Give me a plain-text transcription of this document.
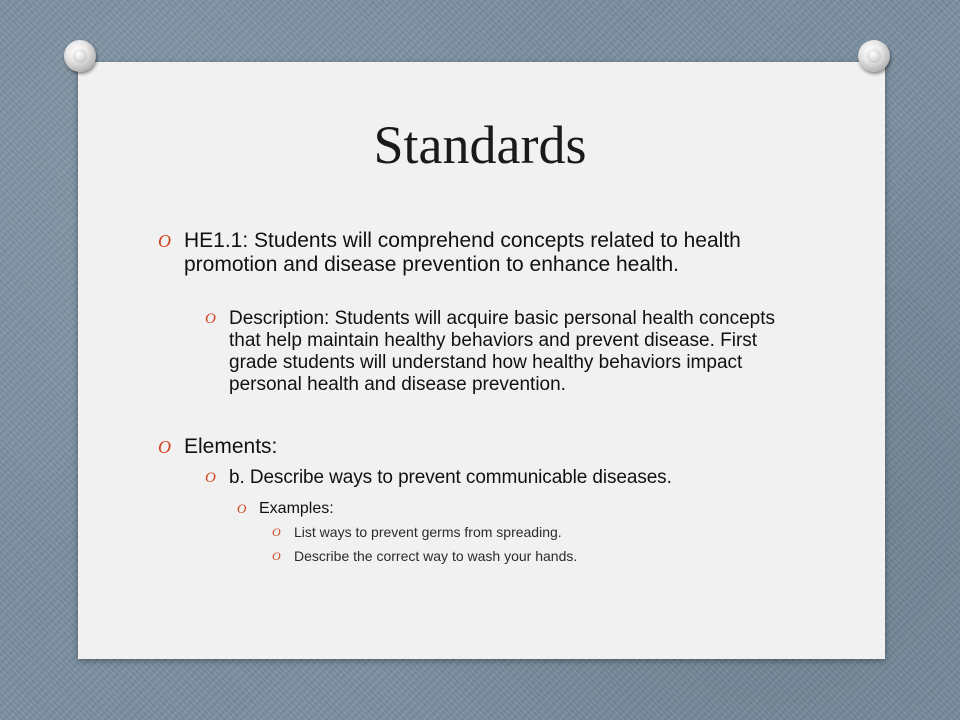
Standards
O HE1.1: Students will comprehend concepts related to health promotion and disease prevention to enhance health.
O Description: Students will acquire basic personal health concepts that help maintain healthy behaviors and prevent disease. First grade students will understand how healthy behaviors impact personal health and disease prevention.
O Elements:
O b. Describe ways to prevent communicable diseases.
O Examples:
O List ways to prevent germs from spreading.
O Describe the correct way to wash your hands.
